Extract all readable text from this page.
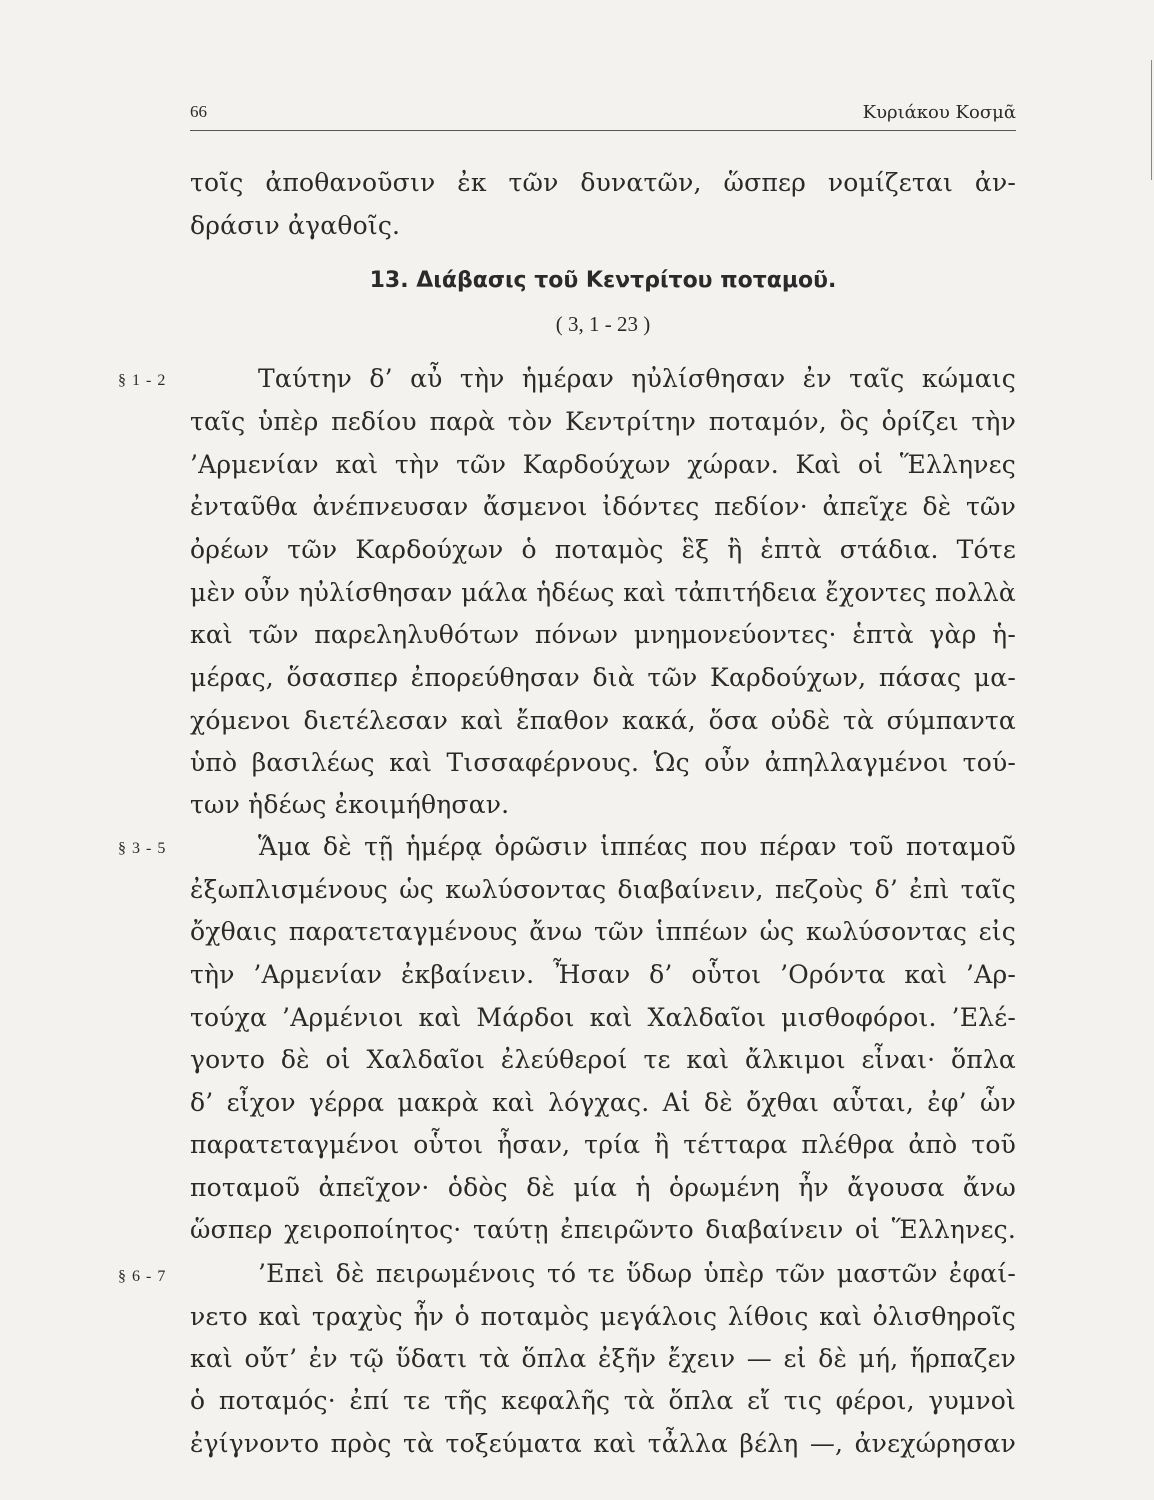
66	Κυριάκου Κοσμᾶ
τοῖς ἀποθανοῦσιν ἐκ τῶν δυνατῶν, ὥσπερ νομίζεται ἀν-
δράσιν ἀγαθοῖς.
13. Διάβασις τοῦ Κεντρίτου ποταμοῦ.
( 3, 1 - 23 )
§ 1 - 2	Ταύτην δ’ αὖ τὴν ἡμέραν ηὐλίσθησαν ἐν ταῖς κώμαις
ταῖς ὑπὲρ πεδίου παρὰ τὸν Κεντρίτην ποταμόν, ὃς ὁρίζει τὴν
’Αρμενίαν καὶ τὴν τῶν Καρδούχων χώραν. Καὶ οἱ Ἕλληνες
ἐνταῦθα ἀνέπνευσαν ἄσμενοι ἰδόντες πεδίον· ἀπεῖχε δὲ τῶν
ὀρέων τῶν Καρδούχων ὁ ποταμὸς ἓξ ἢ ἑπτὰ στάδια. Τότε
μὲν οὖν ηὐλίσθησαν μάλα ἡδέως καὶ τἀπιτήδεια ἔχοντες πολλὰ
καὶ τῶν παρεληλυθότων πόνων μνημονεύοντες· ἑπτὰ γὰρ ἡ-
μέρας, ὅσασπερ ἐπορεύθησαν διὰ τῶν Καρδούχων, πάσας μα-
χόμενοι διετέλεσαν καὶ ἔπαθον κακά, ὅσα οὐδὲ τὰ σύμπαντα
ὑπὸ βασιλέως καὶ Τισσαφέρνους. Ὡς οὖν ἀπηλλαγμένοι τού-
των ἡδέως ἐκοιμήθησαν.
§ 3 - 5	Ἅμα δὲ τῇ ἡμέρᾳ ὁρῶσιν ἱππέας που πέραν τοῦ ποταμοῦ
ἐξωπλισμένους ὡς κωλύσοντας διαβαίνειν, πεζοὺς δ’ ἐπὶ ταῖς
ὄχθαις παρατεταγμένους ἄνω τῶν ἱππέων ὡς κωλύσοντας εἰς
τὴν ’Αρμενίαν ἐκβαίνειν. Ἦσαν δ’ οὗτοι ’Ορόντα καὶ ’Αρ-
τούχα ’Αρμένιοι καὶ Μάρδοι καὶ Χαλδαῖοι μισθοφόροι. ’Ελέ-
γοντο δὲ οἱ Χαλδαῖοι ἐλεύθεροί τε καὶ ἄλκιμοι εἶναι· ὅπλα
δ’ εἶχον γέρρα μακρὰ καὶ λόγχας. Αἱ δὲ ὄχθαι αὗται, ἐφ’ ὧν
παρατεταγμένοι οὗτοι ἦσαν, τρία ἢ τέτταρα πλέθρα ἀπὸ τοῦ
ποταμοῦ ἀπεῖχον· ὁδὸς δὲ μία ἡ ὁρωμένη ἦν ἄγουσα ἄνω
ὥσπερ χειροποίητος· ταύτῃ ἐπειρῶντο διαβαίνειν οἱ Ἕλληνες.
§ 6 - 7	’Επεὶ δὲ πειρωμένοις τό τε ὕδωρ ὑπὲρ τῶν μαστῶν ἐφαί-
νετο καὶ τραχὺς ἦν ὁ ποταμὸς μεγάλοις λίθοις καὶ ὀλισθηροῖς
καὶ οὔτ’ ἐν τῷ ὕδατι τὰ ὅπλα ἐξῆν ἔχειν — εἰ δὲ μή, ἥρπαζεν
ὁ ποταμός· ἐπί τε τῆς κεφαλῆς τὰ ὅπλα εἴ τις φέροι, γυμνοὶ
ἐγίγνοντο πρὸς τὰ τοξεύματα καὶ τἆλλα βέλη —, ἀνεχώρησαν
